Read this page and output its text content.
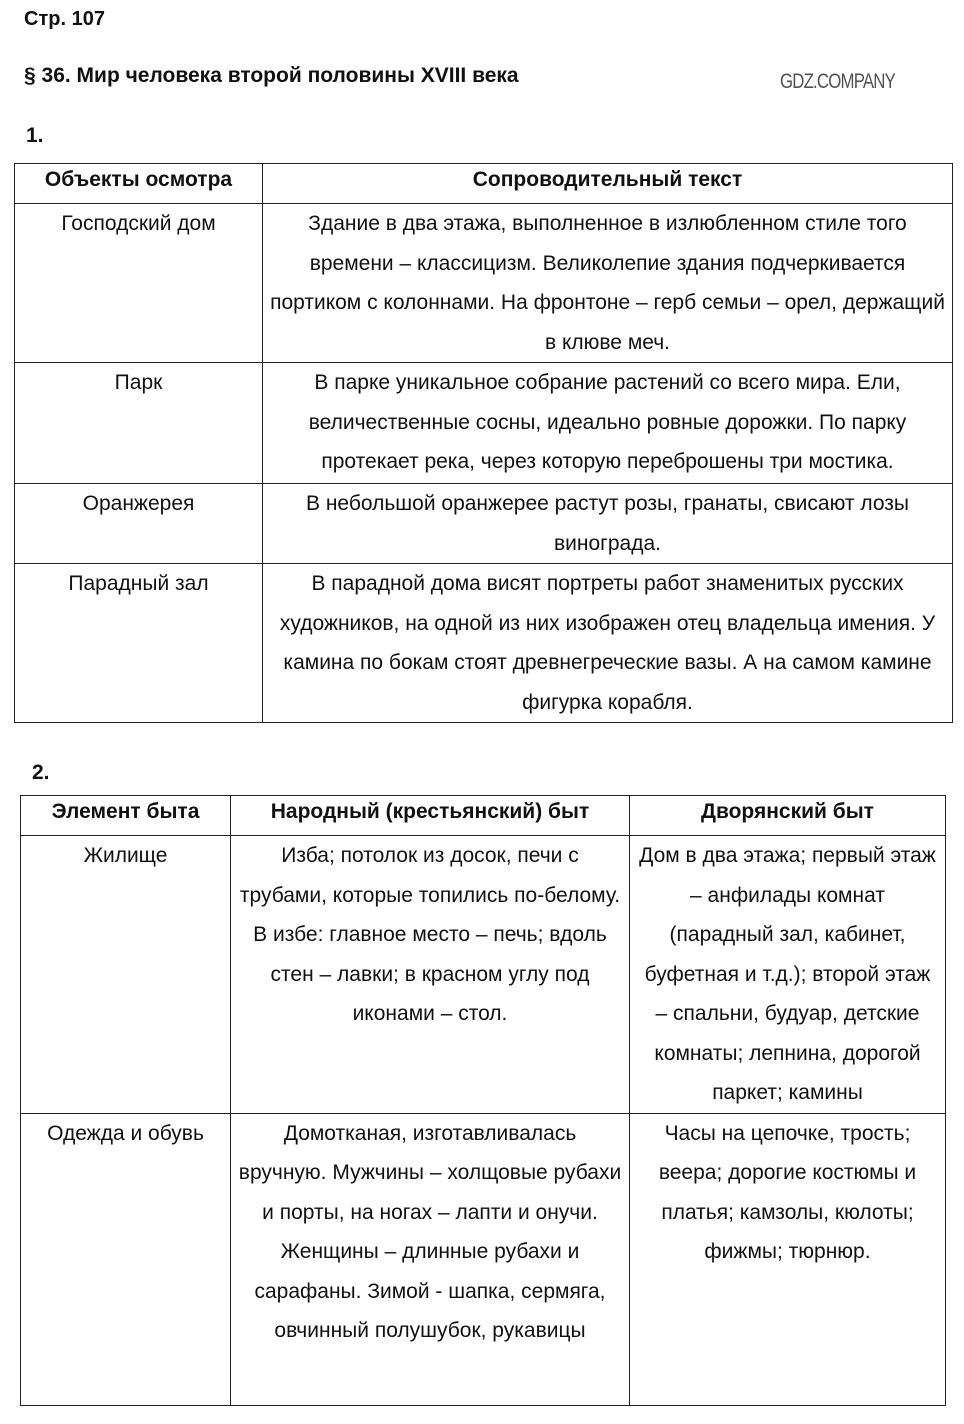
Стр. 107
§ 36. Мир человека второй половины XVIII века
1.
Объекты осмотра	Сопроводительный текст
Господский дом	Здание в два этажа, выполненное в излюбленном стиле того времени – классицизм. Великолепие здания подчеркивается портиком с колоннами. На фронтоне – герб семьи – орел, держащий в клюве меч.
Парк	В парке уникальное собрание растений со всего мира. Ели, величественные сосны, идеально ровные дорожки. По парку протекает река, через которую переброшены три мостика.
Оранжерея	В небольшой оранжерее растут розы, гранаты, свисают лозы винограда.
Парадный зал	В парадной дома висят портреты работ знаменитых русских художников, на одной из них изображен отец владельца имения. У камина по бокам стоят древнегреческие вазы. А на самом камине фигурка корабля.
2.
Элемент быта	Народный (крестьянский) быт	Дворянский быт
Жилище	Изба; потолок из досок, печи с трубами, которые топились по-белому. В избе: главное место – печь; вдоль стен – лавки; в красном углу под иконами – стол.	Дом в два этажа; первый этаж – анфилады комнат (парадный зал, кабинет, буфетная и т.д.); второй этаж – спальни, будуар, детские комнаты; лепнина, дорогой паркет; камины
Одежда и обувь	Домотканая, изготавливалась вручную. Мужчины – холщовые рубахи и порты, на ногах – лапти и онучи. Женщины – длинные рубахи и сарафаны. Зимой - шапка, сермяга, овчинный полушубок, рукавицы	Часы на цепочке, трость; веера; дорогие костюмы и платья; камзолы, кюлоты; фижмы; тюрнюр.
GDZ.COMPANY
